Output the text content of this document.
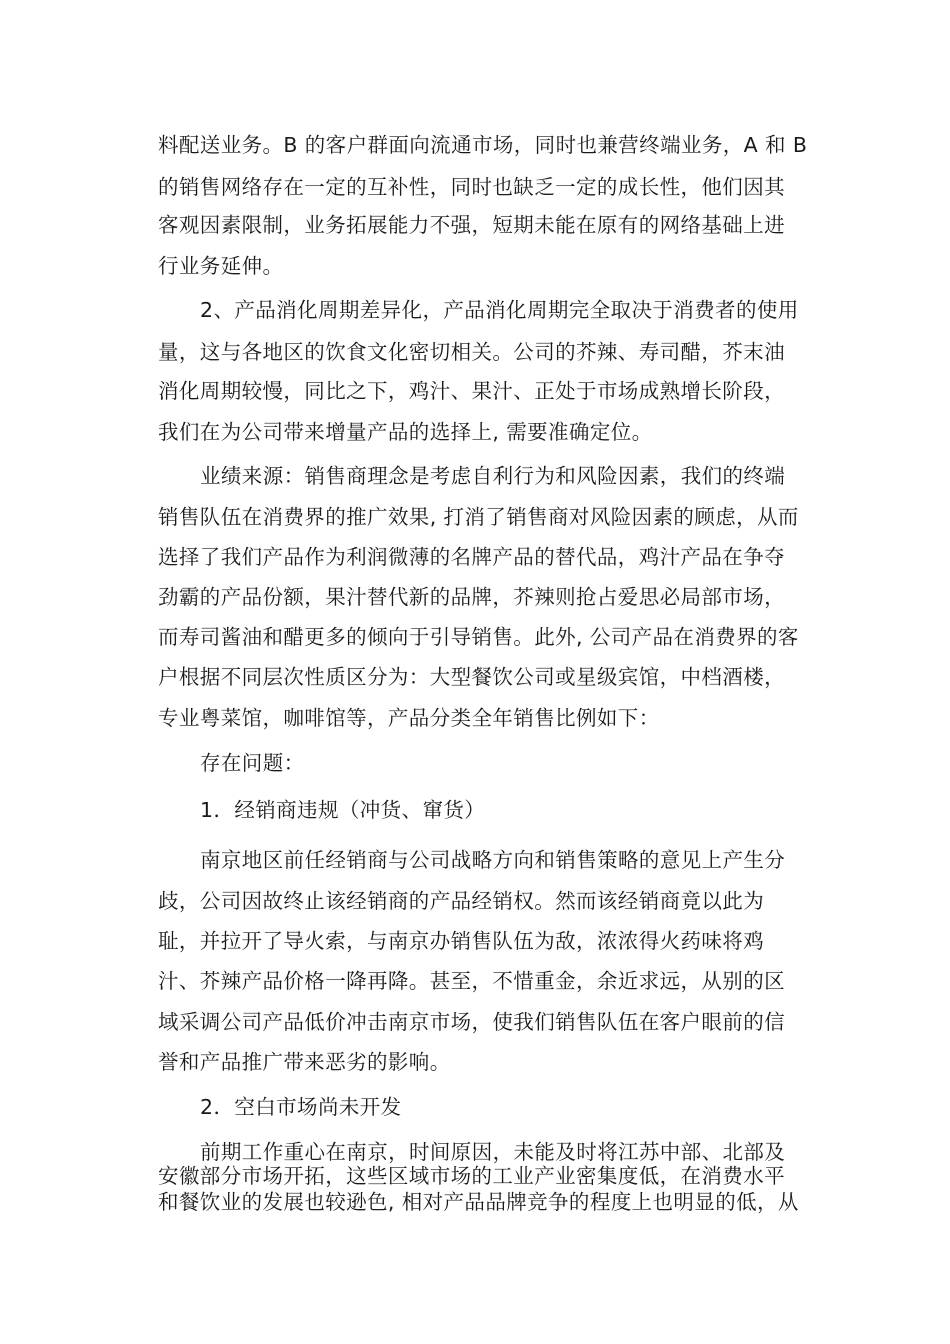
料配送业务。B 的客户群面向流通市场，同时也兼营终端业务，A 和 B
的销售网络存在一定的互补性，同时也缺乏一定的成长性，他们因其
客观因素限制，业务拓展能力不强，短期未能在原有的网络基础上进
行业务延伸。
2、产品消化周期差异化，产品消化周期完全取决于消费者的使用
量，这与各地区的饮食文化密切相关。公司的芥辣、寿司醋，芥末油
消化周期较慢，同比之下，鸡汁、果汁、正处于市场成熟增长阶段，
我们在为公司带来增量产品的选择上, 需要准确定位。
业绩来源：销售商理念是考虑自利行为和风险因素，我们的终端
销售队伍在消费界的推广效果, 打消了销售商对风险因素的顾虑，从而
选择了我们产品作为利润微薄的名牌产品的替代品，鸡汁产品在争夺
劲霸的产品份额，果汁替代新的品牌，芥辣则抢占爱思必局部市场，
而寿司酱油和醋更多的倾向于引导销售。此外, 公司产品在消费界的客
户根据不同层次性质区分为：大型餐饮公司或星级宾馆，中档酒楼，
专业粤菜馆，咖啡馆等，产品分类全年销售比例如下：
存在问题：
1．经销商违规（冲货、窜货）
南京地区前任经销商与公司战略方向和销售策略的意见上产生分
歧，公司因故终止该经销商的产品经销权。然而该经销商竟以此为
耻，并拉开了导火索，与南京办销售队伍为敌，浓浓得火药味将鸡
汁、芥辣产品价格一降再降。甚至，不惜重金，余近求远，从别的区
域采调公司产品低价冲击南京市场，使我们销售队伍在客户眼前的信
誉和产品推广带来恶劣的影响。
2．空白市场尚未开发
前期工作重心在南京，时间原因，未能及时将江苏中部、北部及
安徽部分市场开拓，这些区域市场的工业产业密集度低，在消费水平
和餐饮业的发展也较逊色, 相对产品品牌竞争的程度上也明显的低，从
